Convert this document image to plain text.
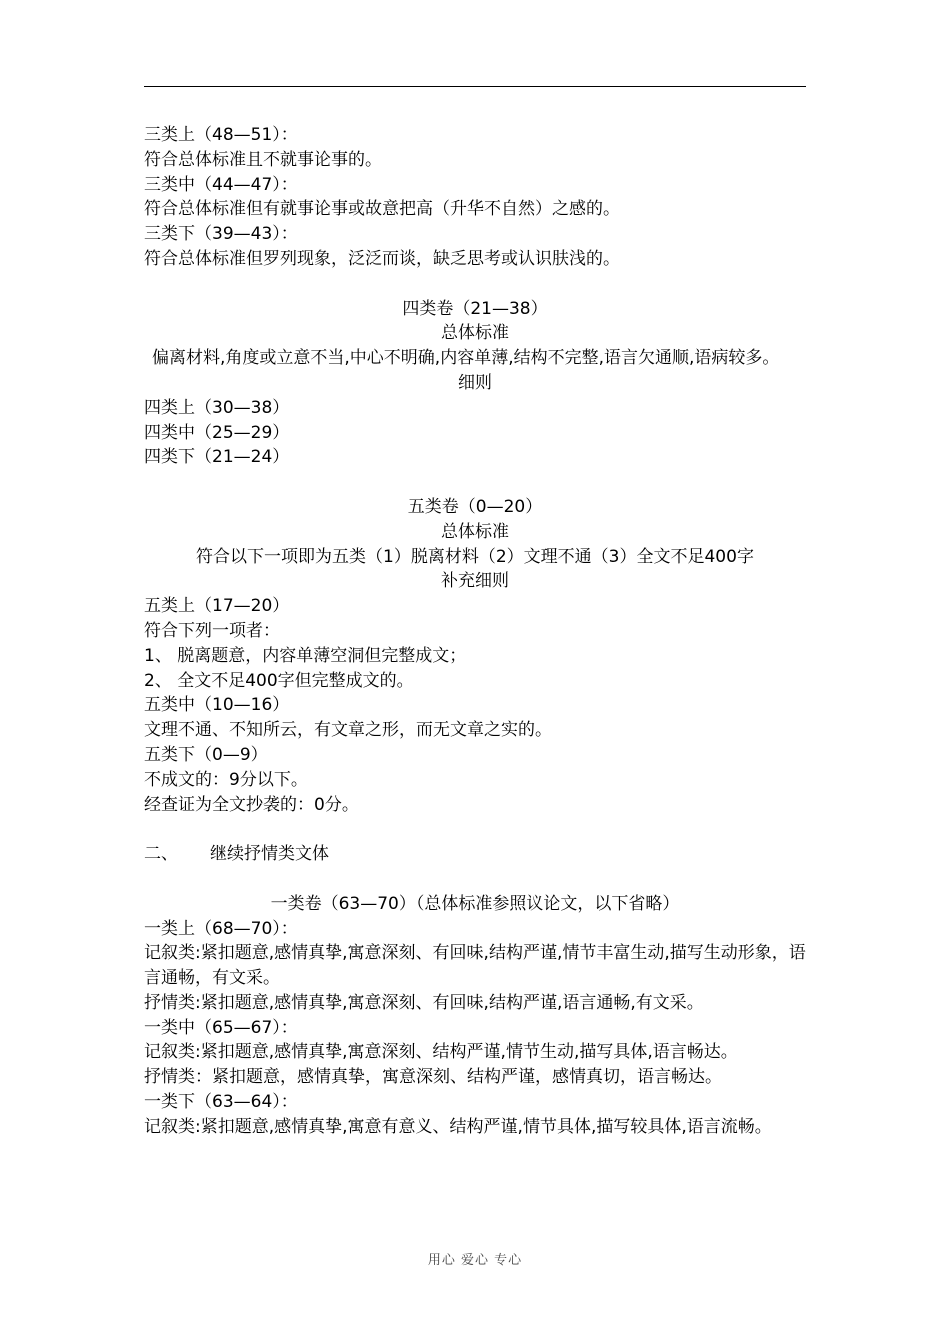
三类上（48—51）：
符合总体标准且不就事论事的。
三类中（44—47）：
符合总体标准但有就事论事或故意把高（升华不自然）之感的。
三类下（39—43）：
符合总体标准但罗列现象，泛泛而谈，缺乏思考或认识肤浅的。
四类卷（21—38）
总体标准
偏离材料,角度或立意不当,中心不明确,内容单薄,结构不完整,语言欠通顺,语病较多。
细则
四类上（30—38）
四类中（25—29）
四类下（21—24）
五类卷（0—20）
总体标准
符合以下一项即为五类（1）脱离材料（2）文理不通（3）全文不足400字
补充细则
五类上（17—20）
符合下列一项者：
1、 脱离题意，内容单薄空洞但完整成文；
2、 全文不足400字但完整成文的。
五类中（10—16）
文理不通、不知所云，有文章之形，而无文章之实的。
五类下（0—9）
不成文的：9分以下。
经查证为全文抄袭的：0分。
二、 继续抒情类文体
一类卷（63—70）（总体标准参照议论文，以下省略）
一类上（68—70）：
记叙类:紧扣题意,感情真挚,寓意深刻、有回味,结构严谨,情节丰富生动,描写生动形象，语言通畅，有文采。
抒情类:紧扣题意,感情真挚,寓意深刻、有回味,结构严谨,语言通畅,有文采。
一类中（65—67）：
记叙类:紧扣题意,感情真挚,寓意深刻、结构严谨,情节生动,描写具体,语言畅达。
抒情类：紧扣题意，感情真挚，寓意深刻、结构严谨，感情真切，语言畅达。
一类下（63—64）：
记叙类:紧扣题意,感情真挚,寓意有意义、结构严谨,情节具体,描写较具体,语言流畅。
用心 爱心 专心
